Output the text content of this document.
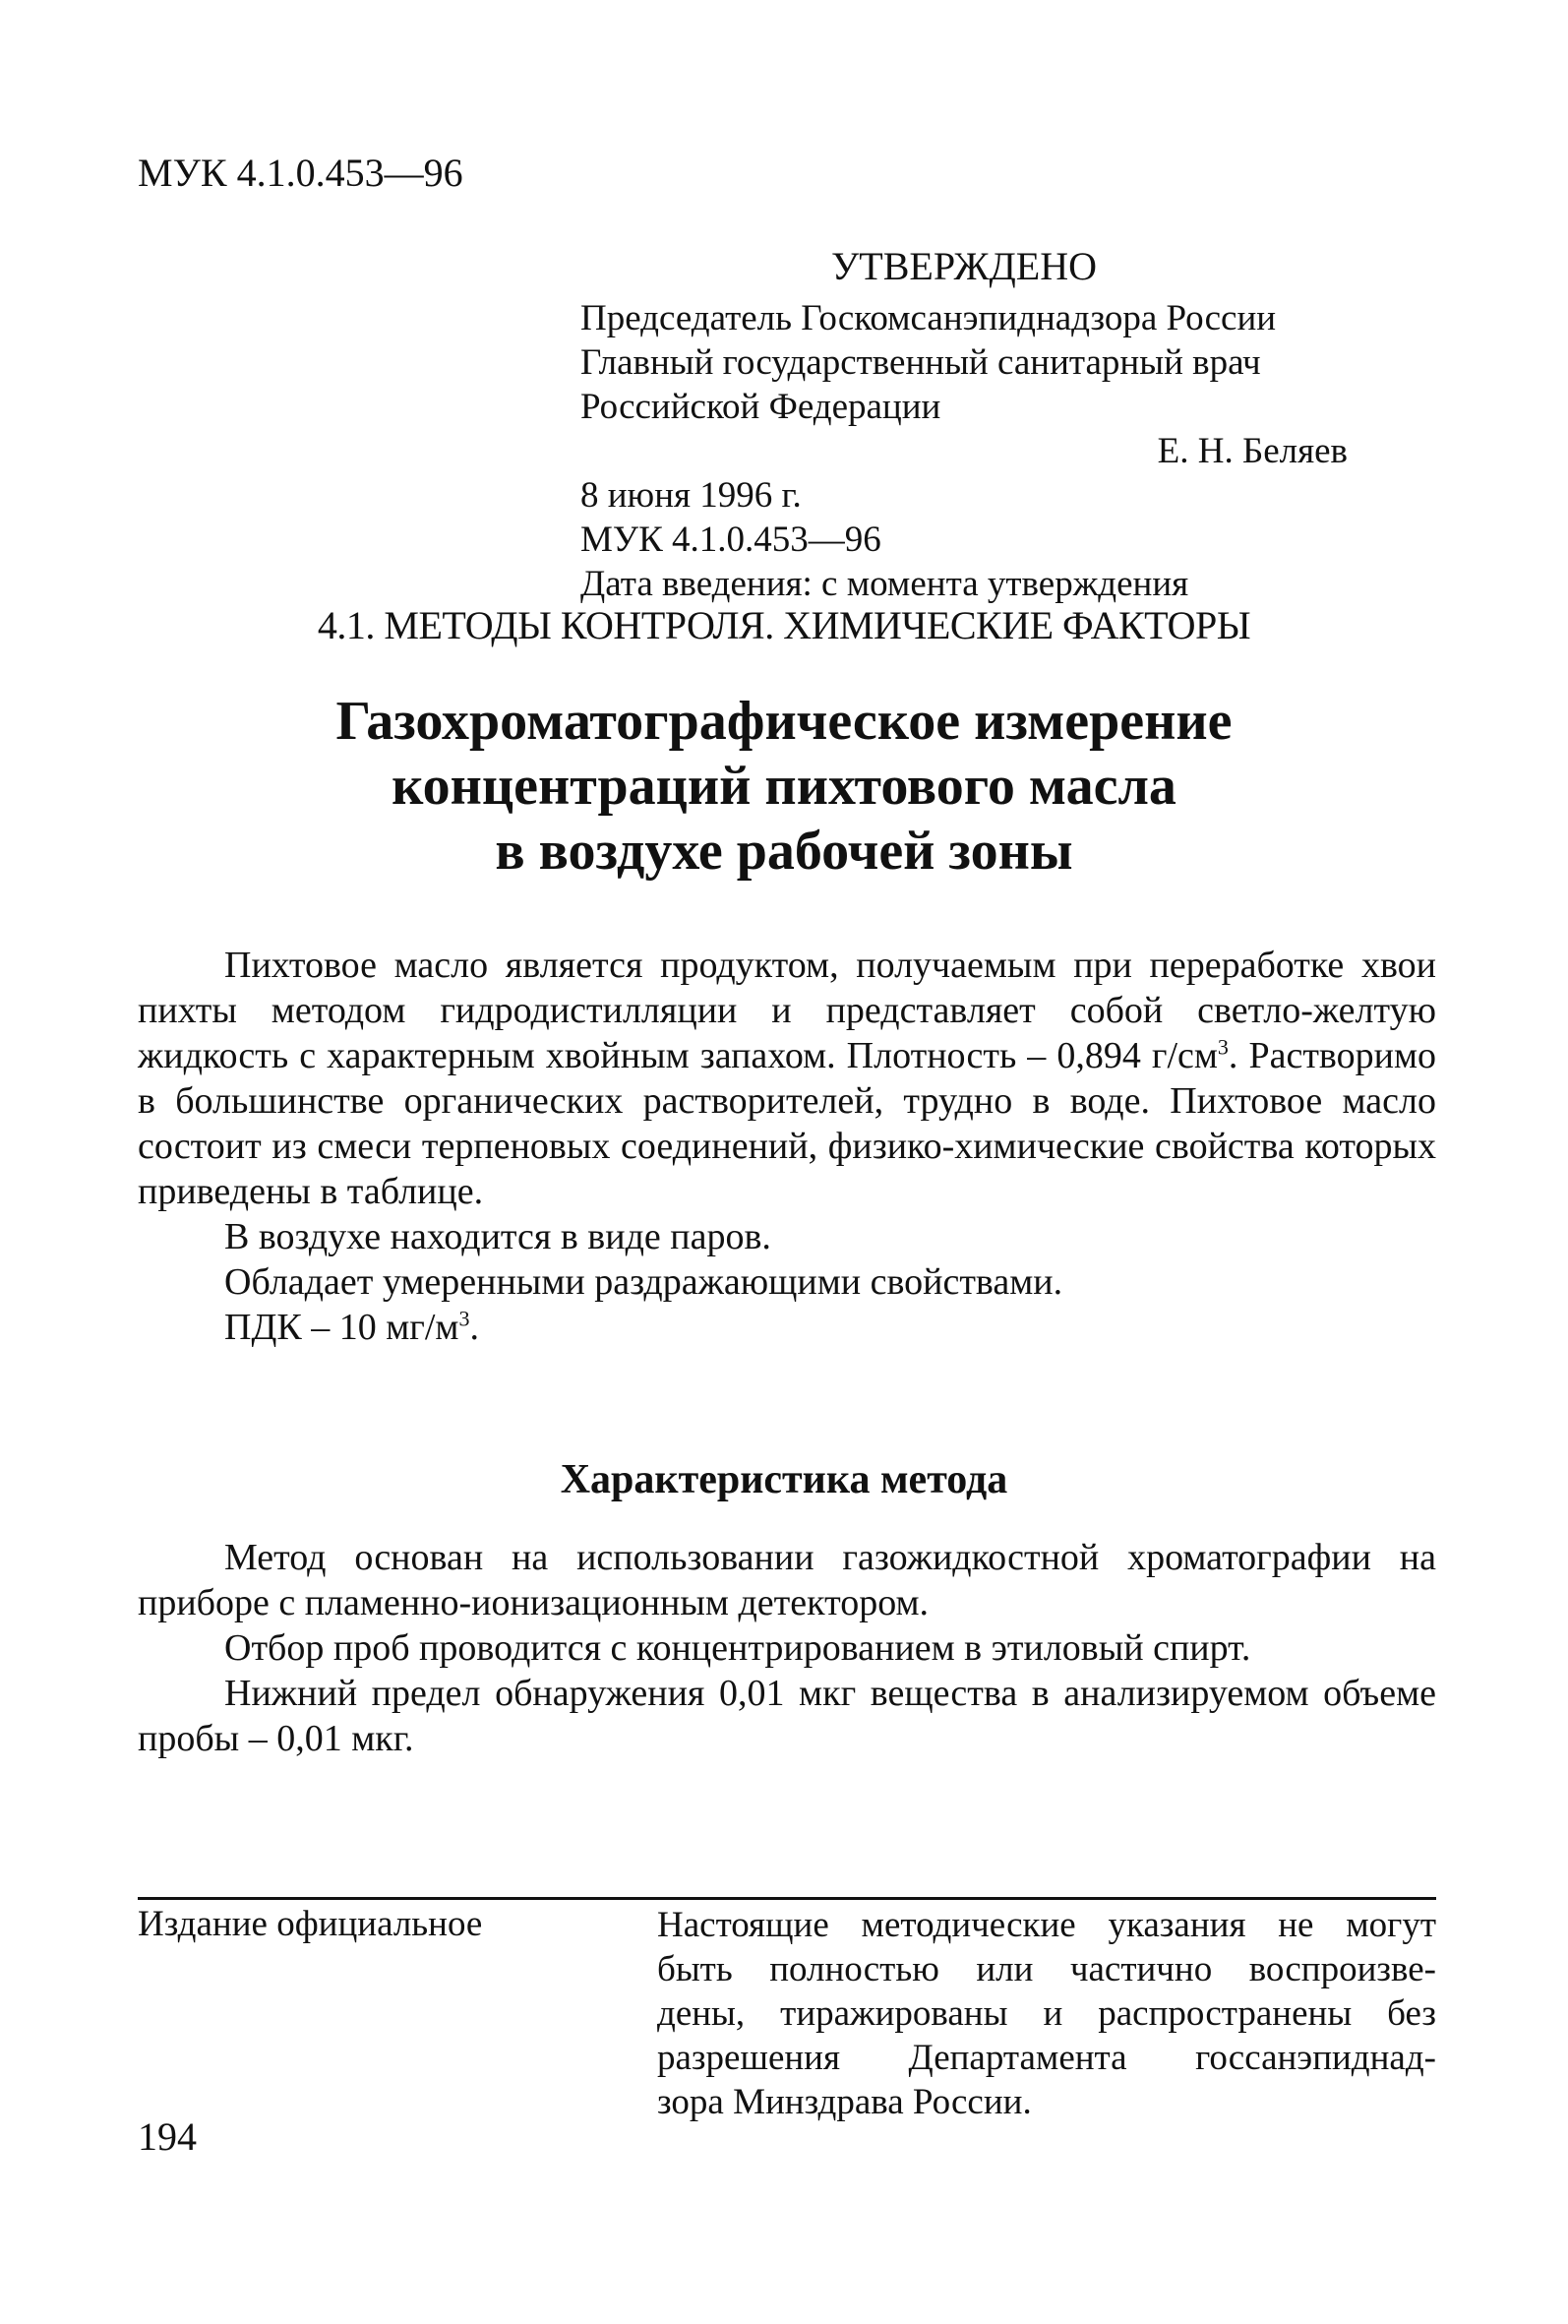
МУК 4.1.0.453—96
УТВЕРЖДЕНО
Председатель Госкомсанэпиднадзора России
Главный государственный санитарный врач
Российской Федерации
Е. Н. Беляев
8 июня 1996 г.
МУК 4.1.0.453—96
Дата введения: с момента утверждения
4.1. МЕТОДЫ КОНТРОЛЯ. ХИМИЧЕСКИЕ ФАКТОРЫ
Газохроматографическое измерение
концентраций пихтового масла
в воздухе рабочей зоны

Пихтовое масло является продуктом, получаемым при переработке хвои пихты методом гидродистилляции и представляет собой светло-желтую жидкость с характерным хвойным запахом. Плотность – 0,894 $г/см^3$. Растворимо в большинстве органических растворителей, трудно в воде. Пихтовое масло состоит из смеси терпеновых соединений, физико-химические свойства которых приведены в таблице.

В воздухе находится в виде паров.

Обладает умеренными раздражающими свойствами.

ПДК – 10 $мг/м^3$.

Характеристика метода

Метод основан на использовании газожидкостной хроматографии на приборе с пламенно-ионизационным детектором.

Отбор проб проводится с концентрированием в этиловый спирт.

Нижний предел обнаружения 0,01 мкг вещества в анализируемом объеме пробы – 0,01 мкг.

Издание официальное	Настоящие методические указания не могут
быть полностью или частично воспроизве-
дены, тиражированы и распространены без
разрешения Департамента госсанэпиднад-
зора Минздрава России.
194
